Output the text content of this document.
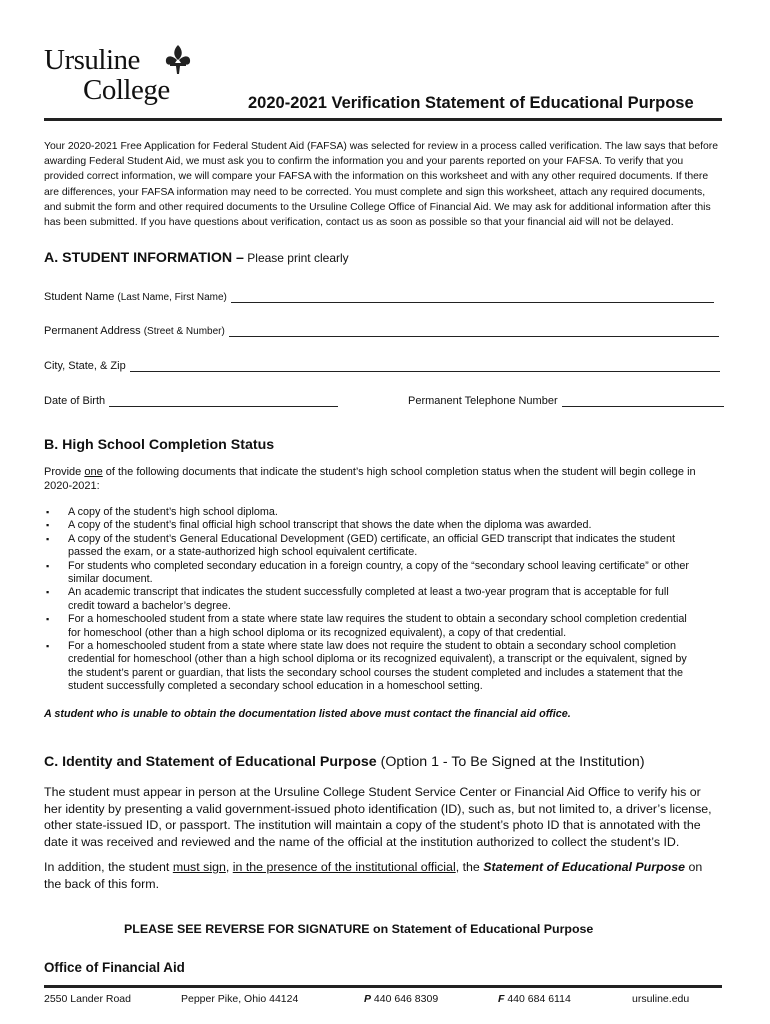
Ursuline
College	2020-2021 Verification Statement of Educational Purpose
Your 2020-2021 Free Application for Federal Student Aid (FAFSA) was selected for review in a process called verification. The law says that before
awarding Federal Student Aid, we must ask you to confirm the information you and your parents reported on your FAFSA. To verify that you
provided correct information, we will compare your FAFSA with the information on this worksheet and with any other required documents. If there
are differences, your FAFSA information may need to be corrected. You must complete and sign this worksheet, attach any required documents,
and submit the form and other required documents to the Ursuline College Office of Financial Aid. We may ask for additional information after this
has been submitted. If you have questions about verification, contact us as soon as possible so that your financial aid will not be delayed.
A. STUDENT INFORMATION – Please print clearly
Student Name
(Last Name, First Name)
Permanent Address
(Street & Number)
City, State, & Zip
Date of Birth	Permanent Telephone Number
B. High School Completion Status
Provide one of the following documents that indicate the student’s high school completion status when the student will begin college in
2020-2021:
▪ A copy of the student’s high school diploma.
▪ A copy of the student’s final official high school transcript that shows the date when the diploma was awarded.
▪ A copy of the student’s General Educational Development (GED) certificate, an official GED transcript that indicates the student
passed the exam, or a state-authorized high school equivalent certificate.
▪ For students who completed secondary education in a foreign country, a copy of the “secondary school leaving certificate” or other
similar document.
▪ An academic transcript that indicates the student successfully completed at least a two-year program that is acceptable for full
credit toward a bachelor’s degree.
▪ For a homeschooled student from a state where state law requires the student to obtain a secondary school completion credential
for homeschool (other than a high school diploma or its recognized equivalent), a copy of that credential.
▪ For a homeschooled student from a state where state law does not require the student to obtain a secondary school completion
credential for homeschool (other than a high school diploma or its recognized equivalent), a transcript or the equivalent, signed by
the student’s parent or guardian, that lists the secondary school courses the student completed and includes a statement that the
student successfully completed a secondary school education in a homeschool setting.
A student who is unable to obtain the documentation listed above must contact the financial aid office.
C. Identity and Statement of Educational Purpose (Option 1 - To Be Signed at the Institution)
The student must appear in person at the Ursuline College Student Service Center or Financial Aid Office to verify his or
her identity by presenting a valid government-issued photo identification (ID), such as, but not limited to, a driver’s license,
other state-issued ID, or passport. The institution will maintain a copy of the student’s photo ID that is annotated with the
date it was received and reviewed and the name of the official at the institution authorized to collect the student’s ID.
In addition, the student must sign, in the presence of the institutional official, the Statement of Educational Purpose on
the back of this form.
PLEASE SEE REVERSE FOR SIGNATURE on Statement of Educational Purpose
Office of Financial Aid
2550 Lander Road	Pepper Pike, Ohio 44124	P 440 646 8309	F 440 684 6114	ursuline.edu
